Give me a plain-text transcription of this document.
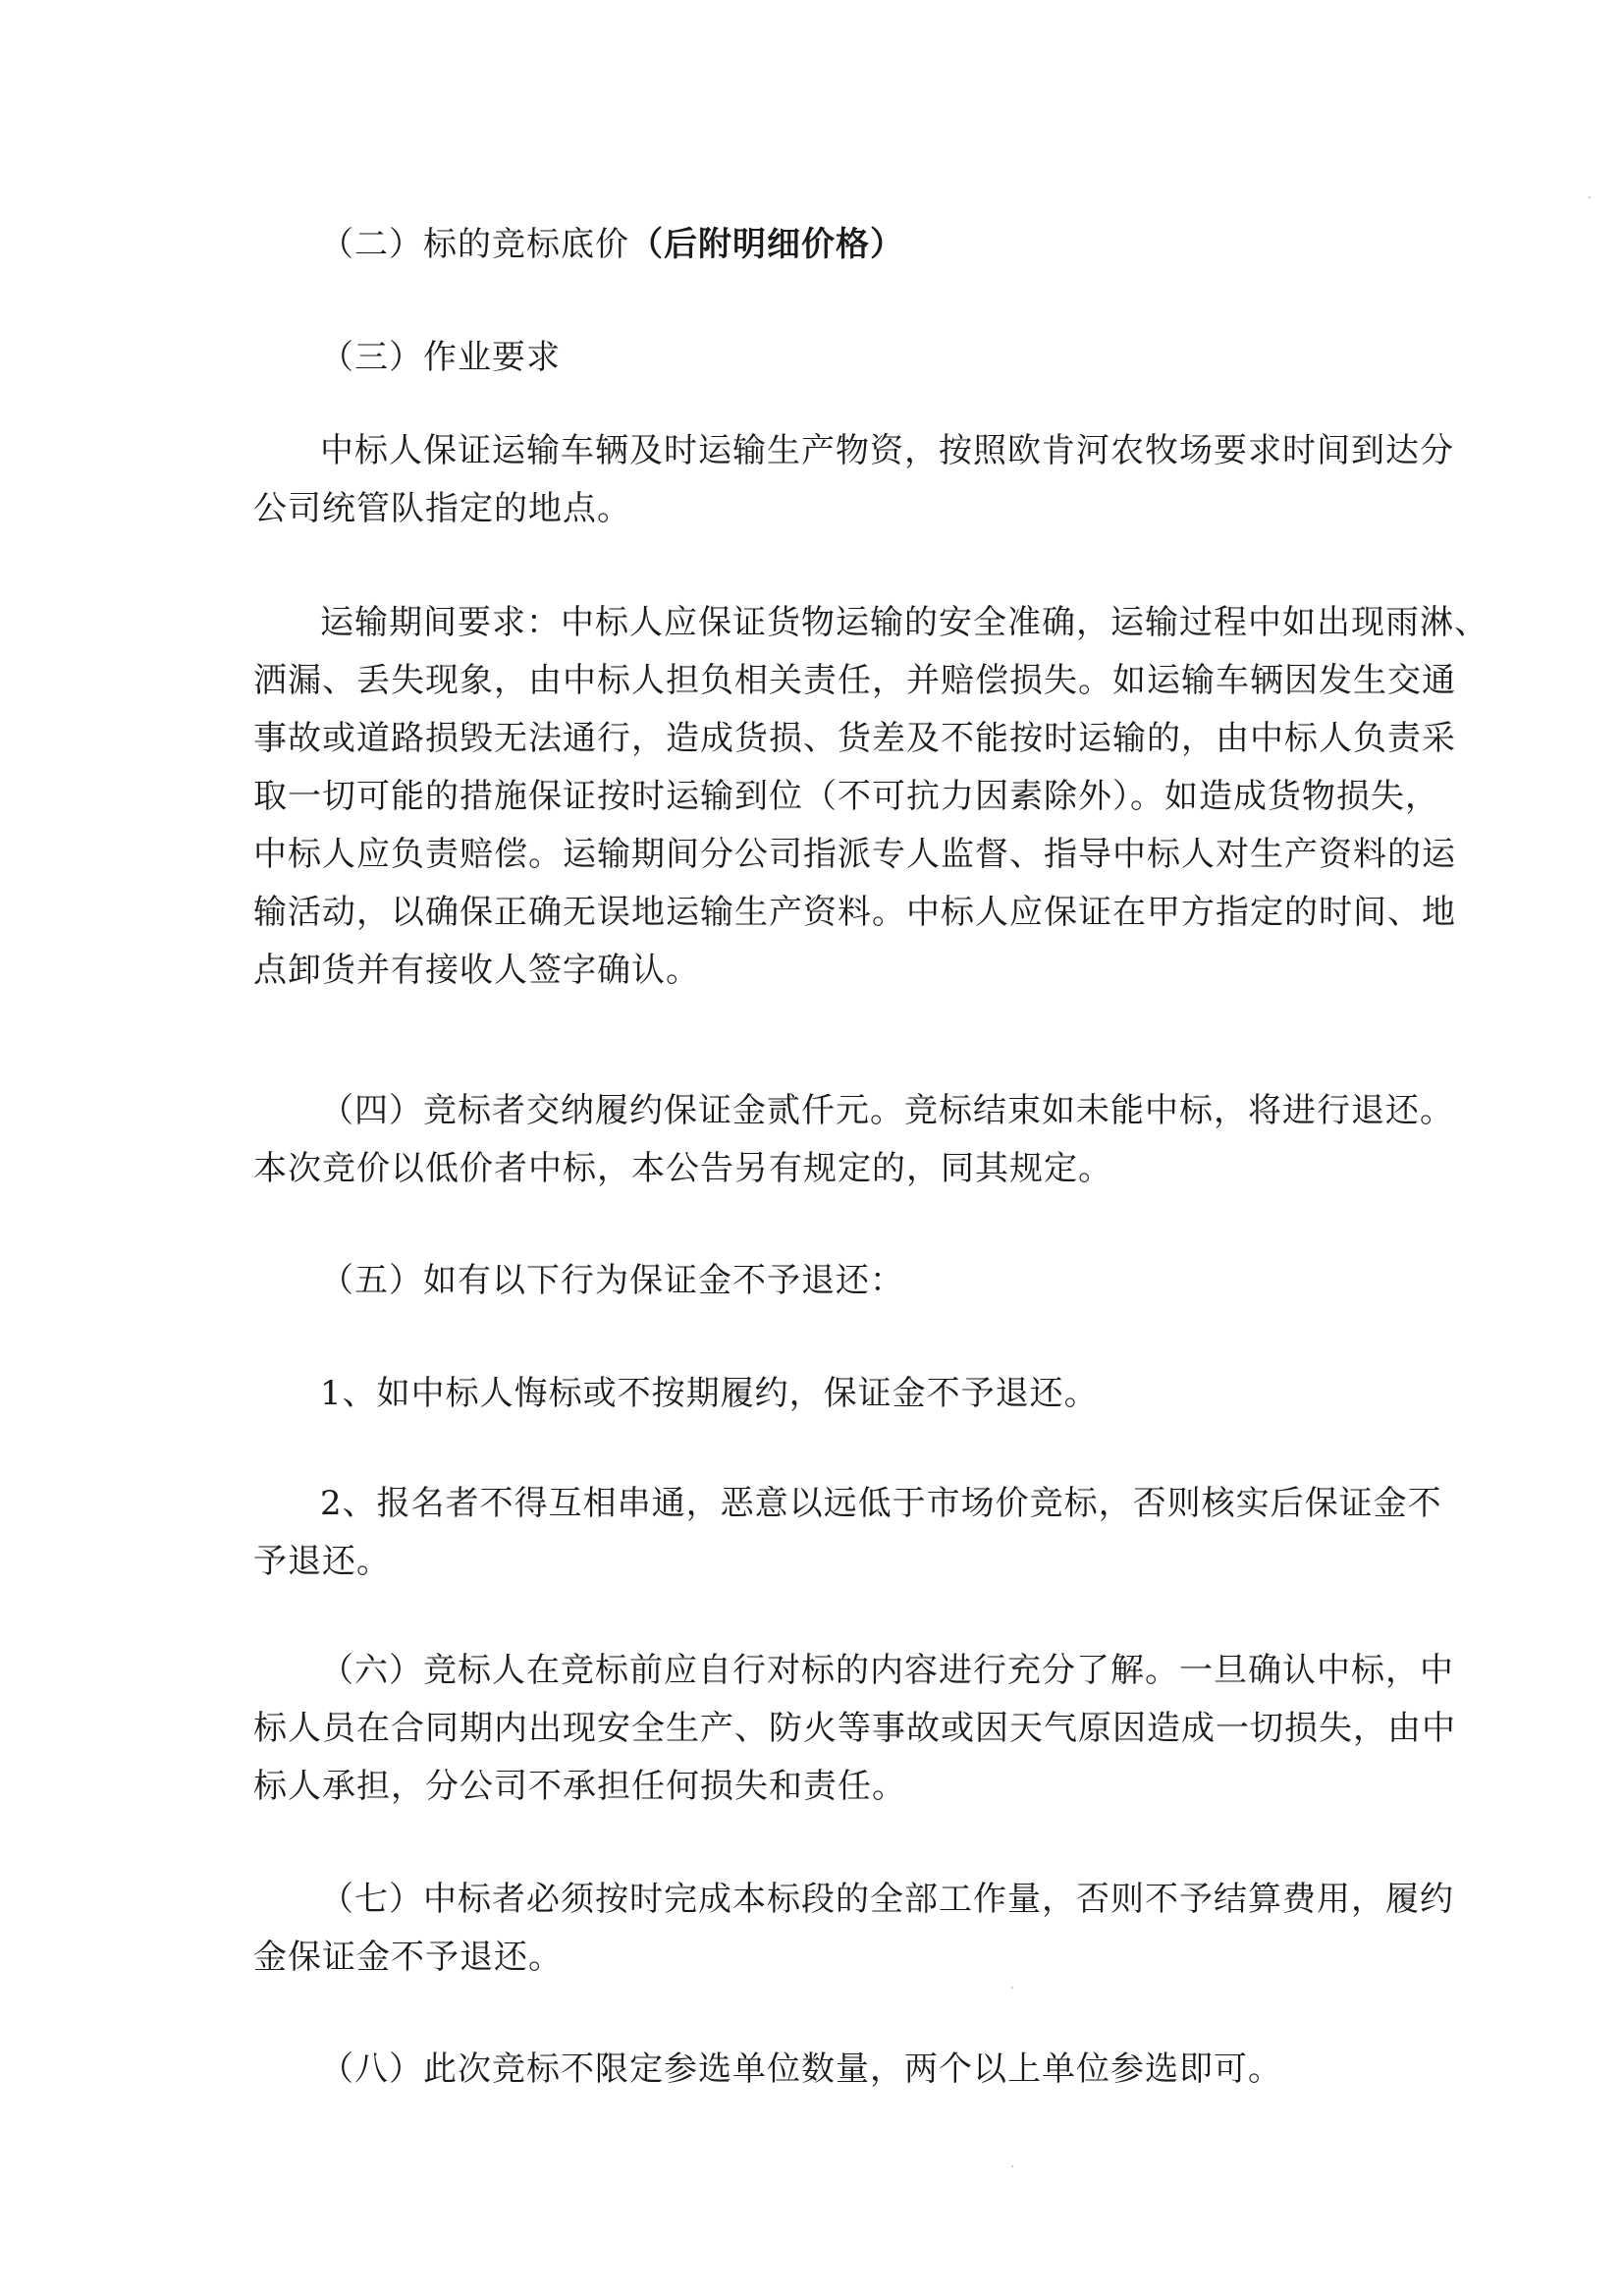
（二）标的竞标底价（后附明细价格）

（三）作业要求

中标人保证运输车辆及时运输生产物资，按照欧肯河农牧场要求时间到达分
公司统管队指定的地点。

运输期间要求：中标人应保证货物运输的安全准确，运输过程中如出现雨淋、
洒漏、丢失现象，由中标人担负相关责任，并赔偿损失。如运输车辆因发生交通
事故或道路损毁无法通行，造成货损、货差及不能按时运输的，由中标人负责采
取一切可能的措施保证按时运输到位（不可抗力因素除外）。如造成货物损失，
中标人应负责赔偿。运输期间分公司指派专人监督、指导中标人对生产资料的运
输活动，以确保正确无误地运输生产资料。中标人应保证在甲方指定的时间、地
点卸货并有接收人签字确认。

（四）竞标者交纳履约保证金贰仟元。竞标结束如未能中标，将进行退还。
本次竞价以低价者中标，本公告另有规定的，同其规定。

（五）如有以下行为保证金不予退还：

1、如中标人悔标或不按期履约，保证金不予退还。

2、报名者不得互相串通，恶意以远低于市场价竞标，否则核实后保证金不
予退还。

（六）竞标人在竞标前应自行对标的内容进行充分了解。一旦确认中标，中
标人员在合同期内出现安全生产、防火等事故或因天气原因造成一切损失，由中
标人承担，分公司不承担任何损失和责任。

（七）中标者必须按时完成本标段的全部工作量，否则不予结算费用，履约
金保证金不予退还。

（八）此次竞标不限定参选单位数量，两个以上单位参选即可。
